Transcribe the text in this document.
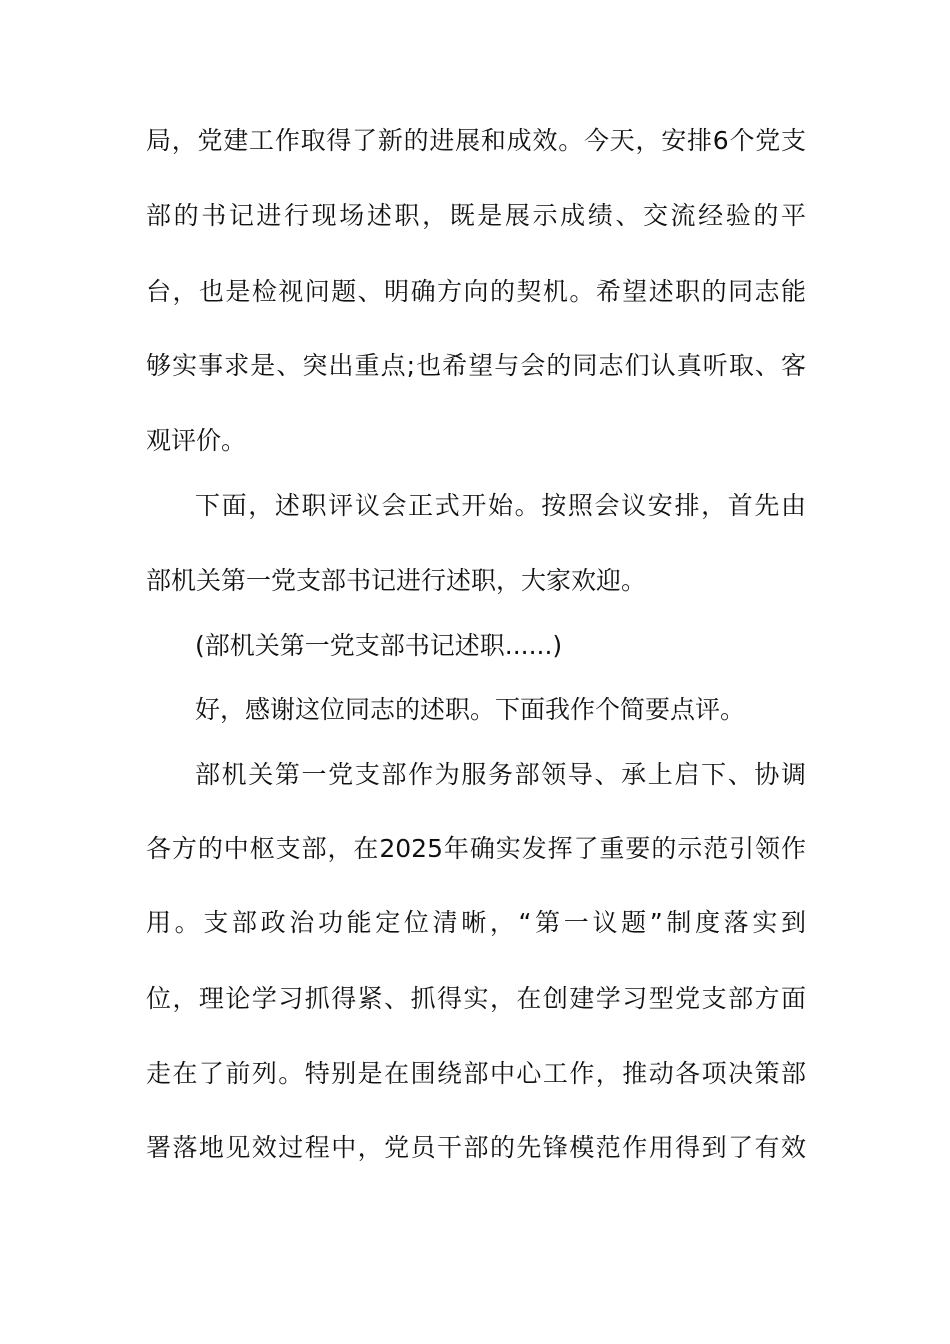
局，党建工作取得了新的进展和成效。今天，安排6个党支
部的书记进行现场述职，既是展示成绩、交流经验的平
台，也是检视问题、明确方向的契机。希望述职的同志能
够实事求是、突出重点;也希望与会的同志们认真听取、客
观评价。
下面，述职评议会正式开始。按照会议安排，首先由
部机关第一党支部书记进行述职，大家欢迎。
(部机关第一党支部书记述职......)
好，感谢这位同志的述职。下面我作个简要点评。
部机关第一党支部作为服务部领导、承上启下、协调
各方的中枢支部，在2025年确实发挥了重要的示范引领作
用。支部政治功能定位清晰，“第一议题”制度落实到
位，理论学习抓得紧、抓得实，在创建学习型党支部方面
走在了前列。特别是在围绕部中心工作，推动各项决策部
署落地见效过程中，党员干部的先锋模范作用得到了有效
